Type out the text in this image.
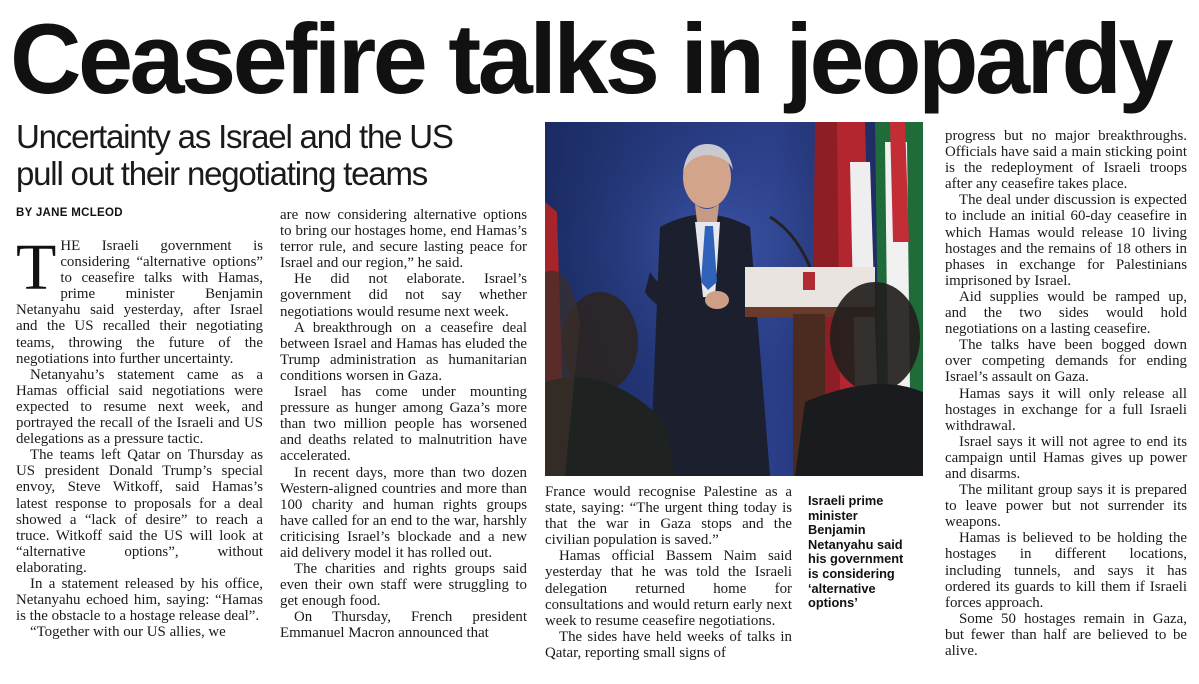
Ceasefire talks in jeopardy
Uncertainty as Israel and the US
pull out their negotiating teams
BY JANE MCLEOD

THE Israeli government is considering “alternative options” to ceasefire talks with Hamas, prime minister Benjamin Netanyahu said yesterday, after Israel and the US recalled their negotiating teams, throwing the future of the negotiations into further uncertainty.

Netanyahu’s statement came as a Hamas official said negotiations were expected to resume next week, and portrayed the recall of the Israeli and US delegations as a pressure tactic.

The teams left Qatar on Thursday as US president Donald Trump’s special envoy, Steve Witkoff, said Hamas’s latest response to proposals for a deal showed a “lack of desire” to reach a truce. Witkoff said the US will look at “alternative options”, without elaborating.

In a statement released by his office, Netanyahu echoed him, saying: “Hamas is the obstacle to a hostage release deal”.

“Together with our US allies, we

are now considering alternative options to bring our hostages home, end Hamas’s terror rule, and secure lasting peace for Israel and our region,” he said.

He did not elaborate. Israel’s government did not say whether negotiations would resume next week.

A breakthrough on a ceasefire deal between Israel and Hamas has eluded the Trump administration as humanitarian conditions worsen in Gaza.

Israel has come under mounting pressure as hunger among Gaza’s more than two million people has worsened and deaths related to malnutrition have accelerated.

In recent days, more than two dozen Western-aligned countries and more than 100 charity and human rights groups have called for an end to the war, harshly criticising Israel’s blockade and a new aid delivery model it has rolled out.

The charities and rights groups said even their own staff were struggling to get enough food.

On Thursday, French president Emmanuel Macron announced that

Israeli prime
minister
Benjamin
Netanyahu said
his government
is considering
‘alternative
options’

France would recognise Palestine as a state, saying: “The urgent thing today is that the war in Gaza stops and the civilian population is saved.”

Hamas official Bassem Naim said yesterday that he was told the Israeli delegation returned home for consultations and would return early next week to resume ceasefire negotiations.

The sides have held weeks of talks in Qatar, reporting small signs of

progress but no major breakthroughs. Officials have said a main sticking point is the redeployment of Israeli troops after any ceasefire takes place.

The deal under discussion is expected to include an initial 60-day ceasefire in which Hamas would release 10 living hostages and the remains of 18 others in phases in exchange for Palestinians imprisoned by Israel.

Aid supplies would be ramped up, and the two sides would hold negotiations on a lasting ceasefire.

The talks have been bogged down over competing demands for ending Israel’s assault on Gaza.

Hamas says it will only release all hostages in exchange for a full Israeli withdrawal.

Israel says it will not agree to end its campaign until Hamas gives up power and disarms.

The militant group says it is prepared to leave power but not surrender its weapons.

Hamas is believed to be holding the hostages in different locations, including tunnels, and says it has ordered its guards to kill them if Israeli forces approach.

Some 50 hostages remain in Gaza, but fewer than half are believed to be alive.
